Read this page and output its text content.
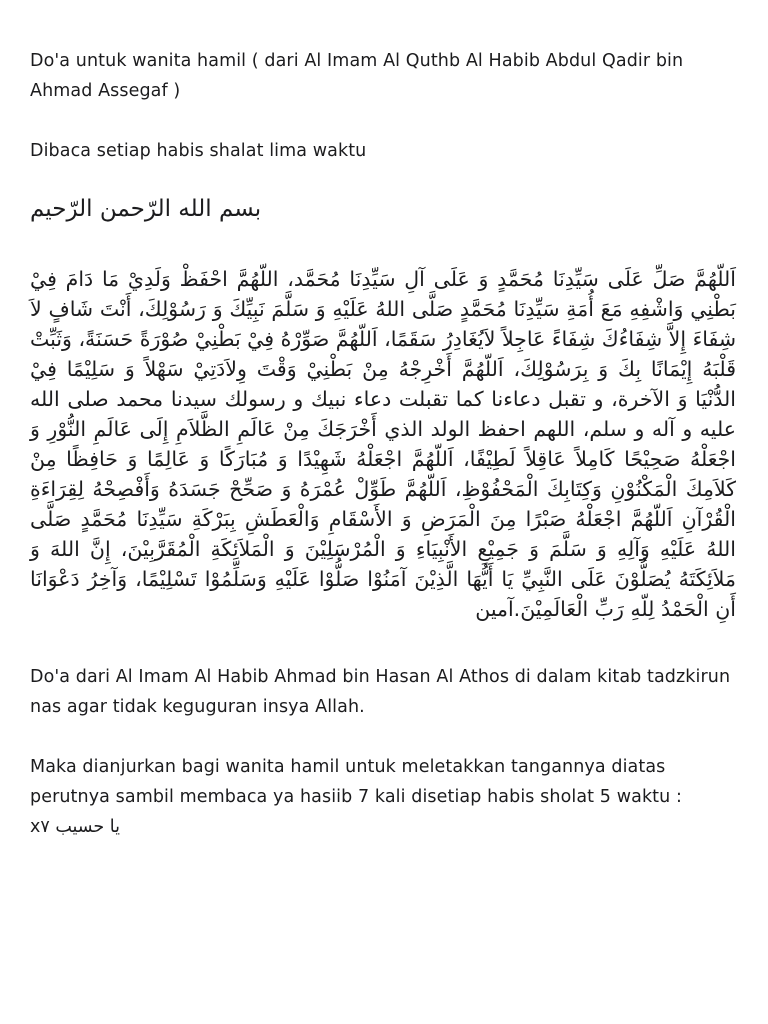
Do'a untuk wanita hamil ( dari Al Imam Al Quthb Al Habib Abdul Qadir bin Ahmad Assegaf )

Dibaca setiap habis shalat lima waktu

بسم الله الرّحمن الرّحيم

اَللّهُمَّ صَلِّ عَلَى سَيِّدِنَا مُحَمَّدٍ وَ عَلَى آلِ سَيِّدِنَا مُحَمَّد، اللّهُمَّ احْفَظْ وَلَدِيْ مَا دَامَ فِيْ بَطْنِي وَاشْفِهِ مَعَ أُمَةِ سَيِّدِنَا مُحَمَّدٍ صَلَّى اللهُ عَلَيْهِ وَ سَلَّمَ نَبِيِّكَ وَ رَسُوْلِكَ، أَنْتَ شَافٍ لاَ شِفَاءَ إِلاَّ شِفَاءُكَ شِفَاءً عَاجِلاً لاَيُغَادِرُ سَقَمًا، اَللّهُمَّ صَوِّرْهُ فِيْ بَطْنِيْ صُوْرَةً حَسَنَةً، وَثَبِّتْ قَلْبَهُ إِيْمَانًا بِكَ وَ بِرَسُوْلِكَ، اَللّهُمَّ أَخْرِجْهُ مِنْ بَطْنِيْ وَقْتَ وِلاَدَتِيْ سَهْلاً وَ سَلِيْمًا فِيْ الدُّنْيَا وَ الآخرة، و تقبل دعاءنا كما تقبلت دعاء نبيك و رسولك سيدنا محمد صلى الله عليه و آله و سلم، اللهم احفظ الولد الذي أَخْرَجَكَ مِنْ عَالَمِ الظَّلاَمِ إِلَى عَالَمِ النُّوْرِ وَ اجْعَلْهُ صَحِيْحًا كَامِلاً عَاقِلاً لَطِيْفًا، اَللّهُمَّ اجْعَلْهُ شَهِيْدًا وَ مُبَارَكًا وَ عَالِمًا وَ حَافِظًا مِنْ كَلاَمِكَ الْمَكْنُوْنِ وَكِتَابِكَ الْمَحْفُوْظِ، اَللّهُمَّ طَوِّلْ عُمْرَهُ وَ صَحِّحْ جَسَدَهُ وَأَفْصِحْهُ لِقِرَاءَةِ الْقُرْآنِ اَللّهُمَّ اجْعَلْهُ صَبْرًا مِنَ الْمَرَضِ وَ الأَسْقَامِ وَالْعَطَشِ بِبَرْكَةِ سَيِّدِنَا مُحَمَّدٍ صَلَّى اللهُ عَلَيْهِ وَآلِهِ وَ سَلَّمَ وَ جَمِيْعِ الأَنْبِيَاءِ وَ الْمُرْسَلِيْنَ وَ الْمَلاَئِكَةِ الْمُقَرَّبِيْنَ، إِنَّ اللهَ وَ مَلاَئِكَتَهُ يُصَلُّوْنَ عَلَى النَّبِيِّ يَا أَيُّهَا الَّذِيْنَ آمَنُوْا صَلُّوْا عَلَيْهِ وَسَلِّمُوْا تَسْلِيْمًا، وَآخِرُ دَعْوَانَا أَنِ الْحَمْدُ لِلّهِ رَبِّ الْعَالَمِيْنَ.آمين

Do'a dari Al Imam Al Habib Ahmad bin Hasan Al Athos di dalam kitab tadzkirun nas agar tidak keguguran insya Allah.

Maka dianjurkan bagi wanita hamil untuk meletakkan tangannya diatas perutnya sambil membaca ya hasiib 7 kali disetiap habis sholat 5 waktu :

يا حسيب x٧
